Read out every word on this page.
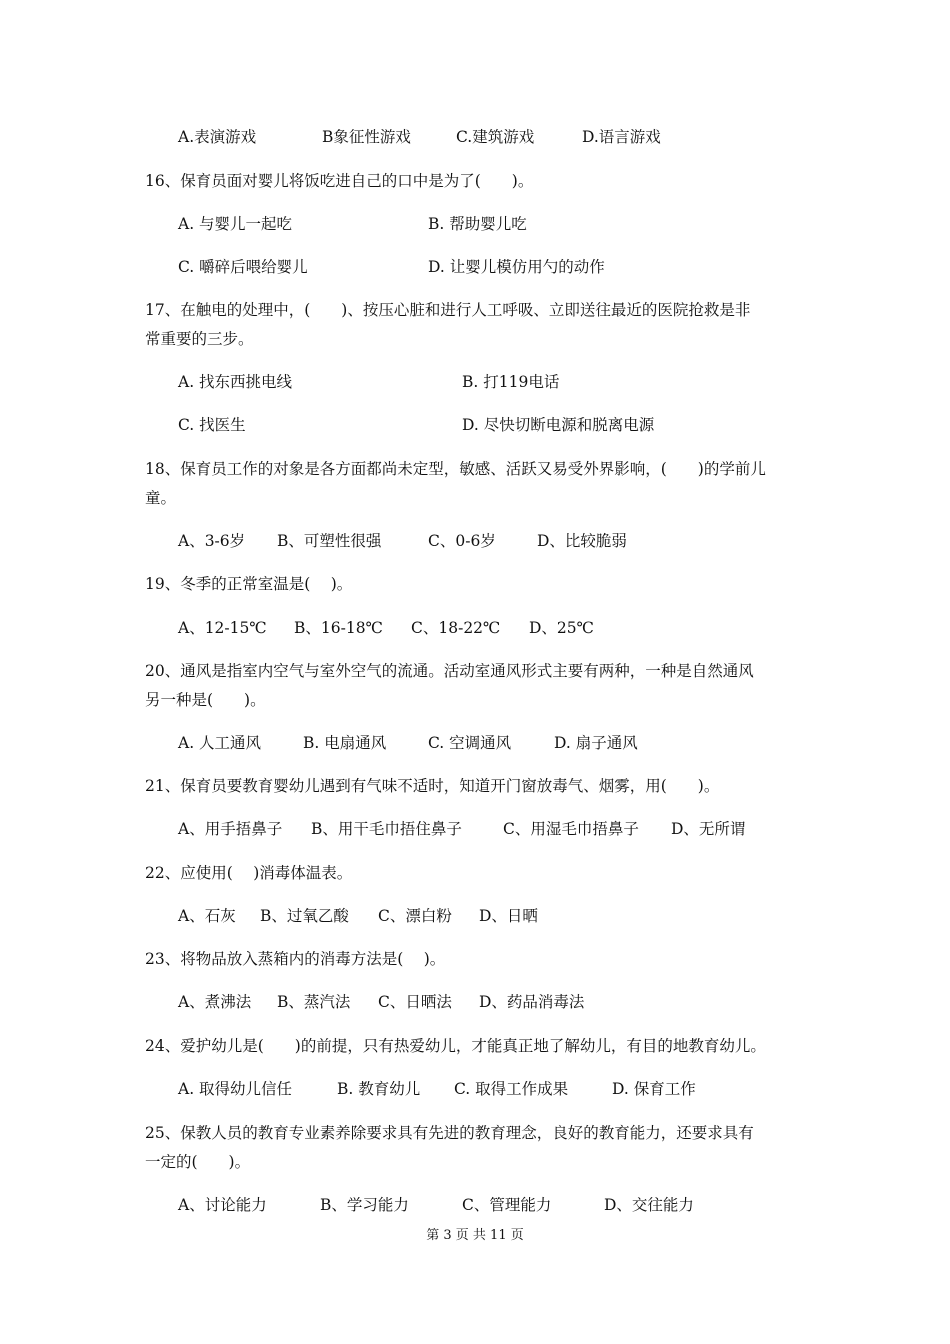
A.表演游戏	B象征性游戏	C.建筑游戏	D.语言游戏
16、保育员面对婴儿将饭吃进自己的口中是为了(　　)。
A. 与婴儿一起吃	B. 帮助婴儿吃
C. 嚼碎后喂给婴儿	D. 让婴儿模仿用勺的动作
17、在触电的处理中，(　　)、按压心脏和进行人工呼吸、立即送往最近的医院抢救是非
常重要的三步。
A. 找东西挑电线	B. 打119电话
C. 找医生	D. 尽快切断电源和脱离电源
18、保育员工作的对象是各方面都尚未定型，敏感、活跃又易受外界影响，(　　)的学前儿
童。
A、3-6岁 B、可塑性很强	C、0-6岁	D、比较脆弱
19、冬季的正常室温是(　 )。
A、12-15℃ B、16-18℃ C、18-22℃ D、25℃
20、通风是指室内空气与室外空气的流通。活动室通风形式主要有两种，一种是自然通风
另一种是(　　)。
A. 人工通风	B. 电扇通风	C. 空调通风	D. 扇子通风
21、保育员要教育婴幼儿遇到有气味不适时，知道开门窗放毒气、烟雾，用(　　)。
A、用手捂鼻子 B、用干毛巾捂住鼻子	C、用湿毛巾捂鼻子 D、无所谓
22、应使用(　 )消毒体温表。
A、石灰 B、过氧乙酸 C、漂白粉 D、日晒
23、将物品放入蒸箱内的消毒方法是(　 )。
A、煮沸法 B、蒸汽法 C、日晒法 D、药品消毒法
24、爱护幼儿是(　　)的前提，只有热爱幼儿，才能真正地了解幼儿，有目的地教育幼儿。
A. 取得幼儿信任	B. 教育幼儿 C. 取得工作成果	D. 保育工作
25、保教人员的教育专业素养除要求具有先进的教育理念，良好的教育能力，还要求具有
一定的(　　)。
A、讨论能力	B、学习能力	C、管理能力	D、交往能力
第 3 页 共 11 页
